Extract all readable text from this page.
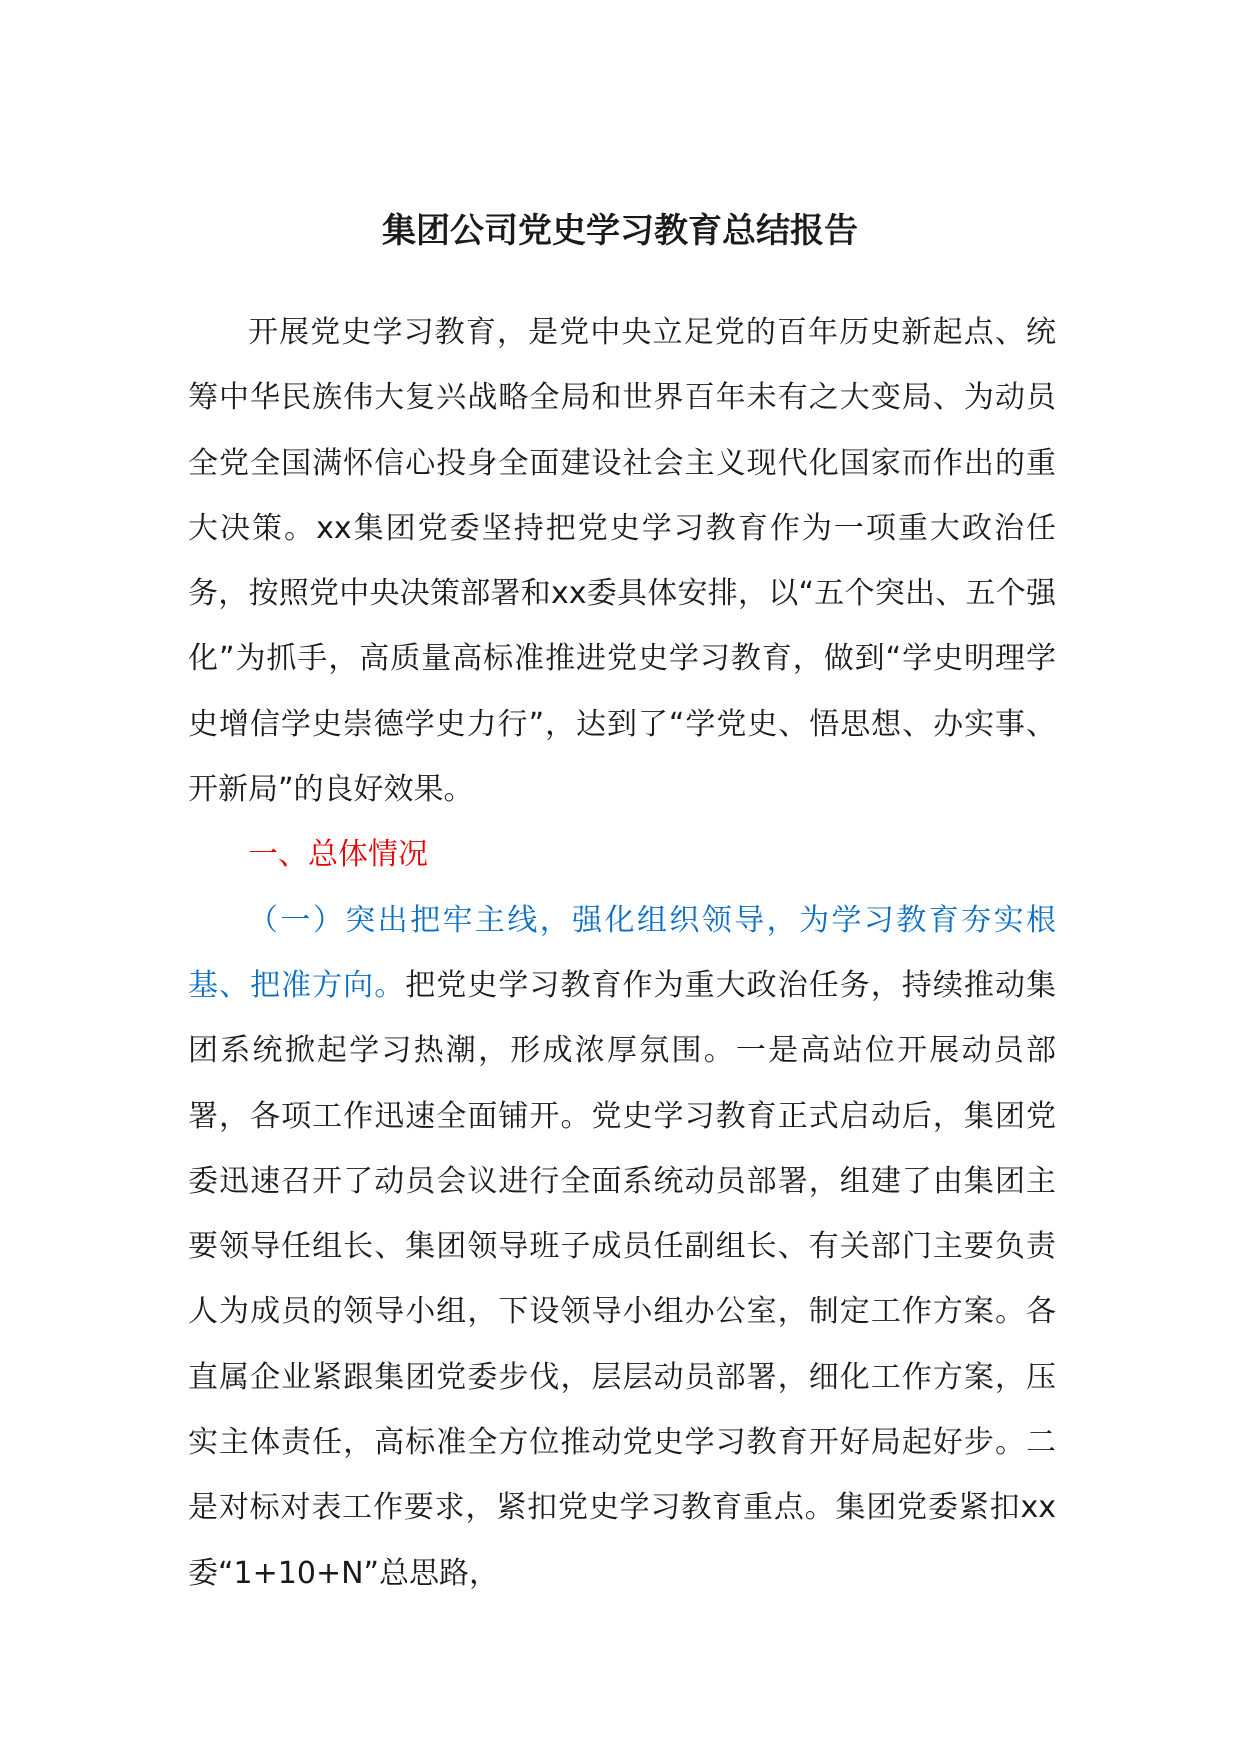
集团公司党史学习教育总结报告

开展党史学习教育，是党中央立足党的百年历史新起点、统筹中华民族伟大复兴战略全局和世界百年未有之大变局、为动员全党全国满怀信心投身全面建设社会主义现代化国家而作出的重大决策。xx集团党委坚持把党史学习教育作为一项重大政治任务，按照党中央决策部署和xx委具体安排，以“五个突出、五个强化”为抓手，高质量高标准推进党史学习教育，做到“学史明理学史增信学史崇德学史力行”，达到了“学党史、悟思想、办实事、开新局”的良好效果。

一、总体情况

（一）突出把牢主线，强化组织领导，为学习教育夯实根基、把准方向。把党史学习教育作为重大政治任务，持续推动集团系统掀起学习热潮，形成浓厚氛围。一是高站位开展动员部署，各项工作迅速全面铺开。党史学习教育正式启动后，集团党委迅速召开了动员会议进行全面系统动员部署，组建了由集团主要领导任组长、集团领导班子成员任副组长、有关部门主要负责人为成员的领导小组，下设领导小组办公室，制定工作方案。各直属企业紧跟集团党委步伐，层层动员部署，细化工作方案，压实主体责任，高标准全方位推动党史学习教育开好局起好步。二是对标对表工作要求，紧扣党史学习教育重点。集团党委紧扣xx委“1+10+N”总思路，
